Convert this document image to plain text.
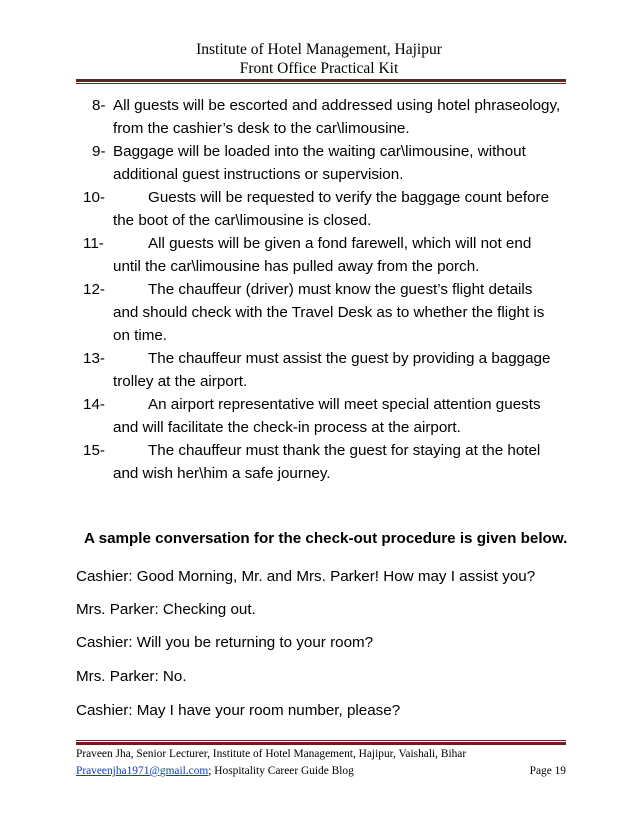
Institute of Hotel Management, Hajipur
Front Office Practical Kit
8- All guests will be escorted and addressed using hotel phraseology,
from the cashier’s desk to the car\limousine.
9- Baggage will be loaded into the waiting car\limousine, without
additional guest instructions or supervision.
10-	Guests will be requested to verify the baggage count before
the boot of the car\limousine is closed.
11-	All guests will be given a fond farewell, which will not end
until the car\limousine has pulled away from the porch.
12-	The chauffeur (driver) must know the guest’s flight details
and should check with the Travel Desk as to whether the flight is
on time.
13-	The chauffeur must assist the guest by providing a baggage
trolley at the airport.
14-	An airport representative will meet special attention guests
and will facilitate the check-in process at the airport.
15-	The chauffeur must thank the guest for staying at the hotel
and wish her\him a safe journey.
A sample conversation for the check-out procedure is given below.
Cashier: Good Morning, Mr. and Mrs. Parker! How may I assist you?
Mrs. Parker: Checking out.
Cashier: Will you be returning to your room?
Mrs. Parker: No.
Cashier: May I have your room number, please?
Praveen Jha, Senior Lecturer, Institute of Hotel Management, Hajipur, Vaishali, Bihar
Praveenjha1971@gmail.com; Hospitality Career Guide Blog	Page 19
